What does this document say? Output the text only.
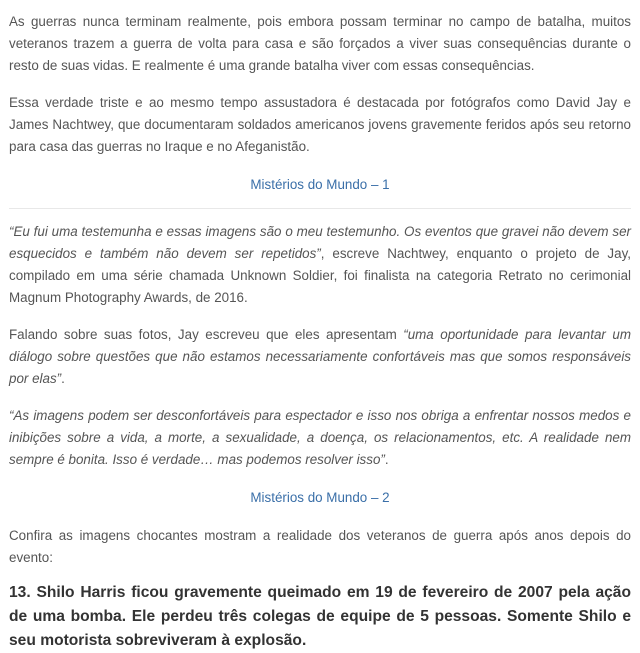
As guerras nunca terminam realmente, pois embora possam terminar no campo de batalha, muitos veteranos trazem a guerra de volta para casa e são forçados a viver suas consequências durante o resto de suas vidas. E realmente é uma grande batalha viver com essas consequências.

Essa verdade triste e ao mesmo tempo assustadora é destacada por fotógrafos como David Jay e James Nachtwey, que documentaram soldados americanos jovens gravemente feridos após seu retorno para casa das guerras no Iraque e no Afeganistão.

Mistérios do Mundo – 1

“Eu fui uma testemunha e essas imagens são o meu testemunho. Os eventos que gravei não devem ser esquecidos e também não devem ser repetidos”, escreve Nachtwey, enquanto o projeto de Jay, compilado em uma série chamada Unknown Soldier, foi finalista na categoria Retrato no cerimonial Magnum Photography Awards, de 2016.

Falando sobre suas fotos, Jay escreveu que eles apresentam “uma oportunidade para levantar um diálogo sobre questões que não estamos necessariamente confortáveis mas que somos responsáveis por elas”.

“As imagens podem ser desconfortáveis para espectador e isso nos obriga a enfrentar nossos medos e inibições sobre a vida, a morte, a sexualidade, a doença, os relacionamentos, etc. A realidade nem sempre é bonita. Isso é verdade… mas podemos resolver isso”.

Mistérios do Mundo – 2

Confira as imagens chocantes mostram a realidade dos veteranos de guerra após anos depois do evento:

13. Shilo Harris ficou gravemente queimado em 19 de fevereiro de 2007 pela ação de uma bomba. Ele perdeu três colegas de equipe de 5 pessoas. Somente Shilo e seu motorista sobreviveram à explosão.
